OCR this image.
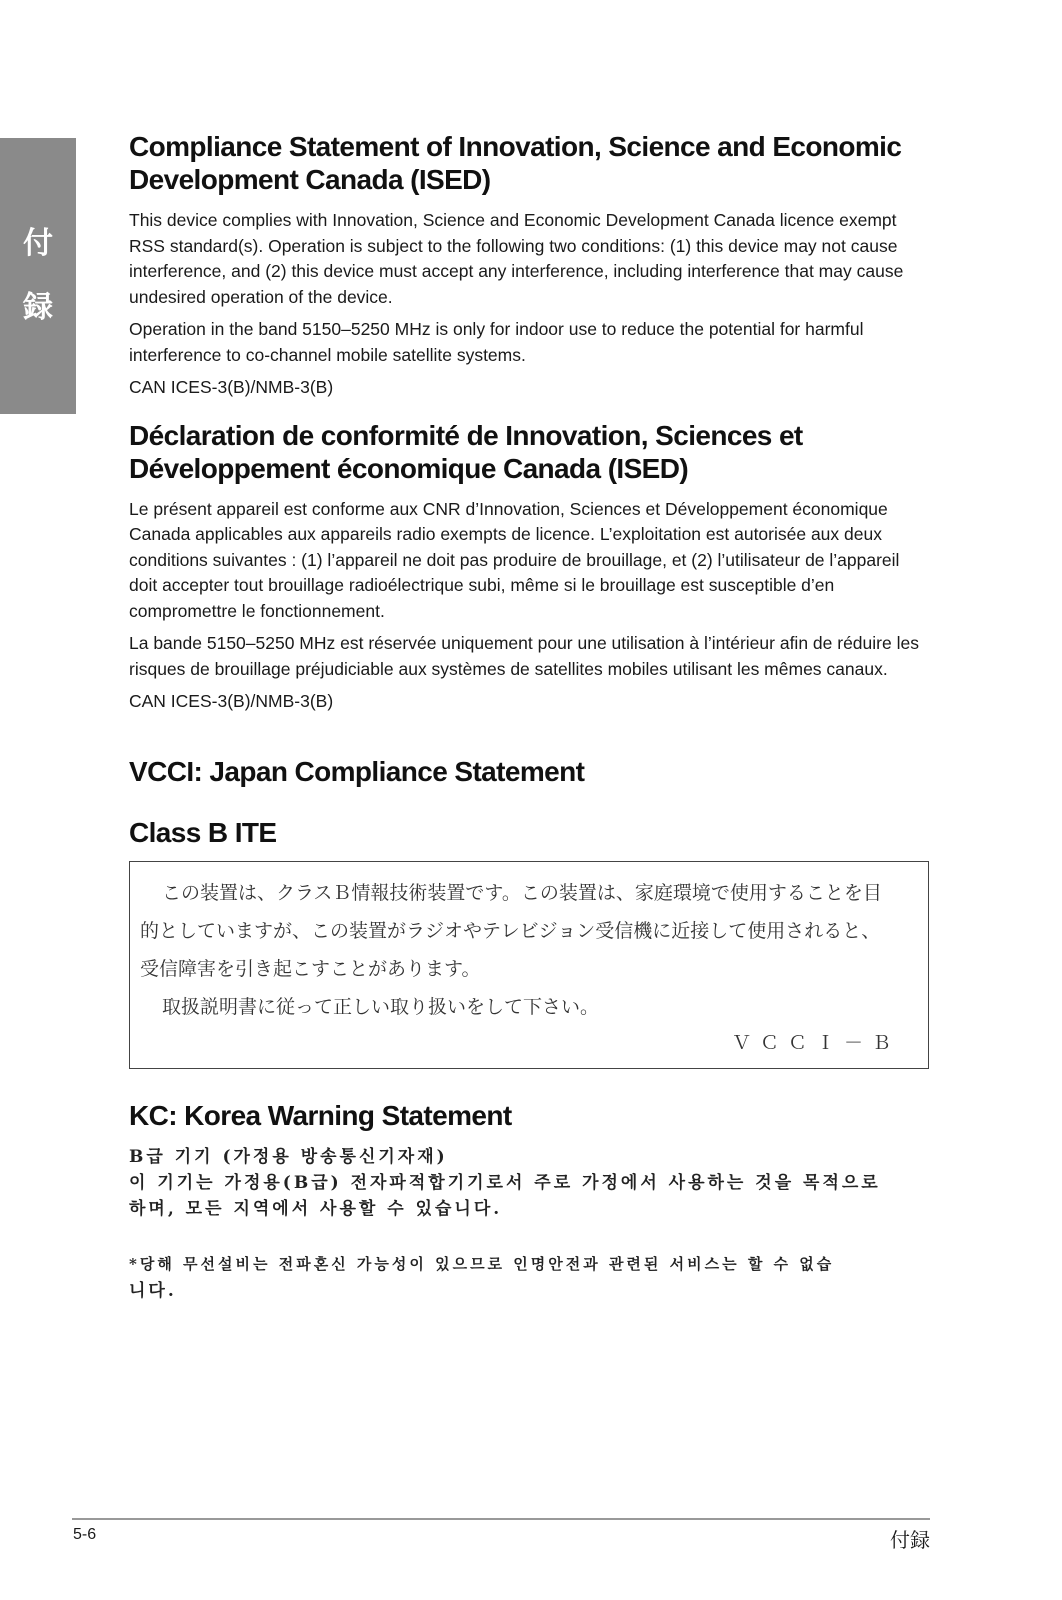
付
録
Compliance Statement of Innovation, Science and Economic Development Canada (ISED)

This device complies with Innovation, Science and Economic Development Canada licence exempt RSS standard(s). Operation is subject to the following two conditions: (1) this device may not cause interference, and (2) this device must accept any interference, including interference that may cause undesired operation of the device.

Operation in the band 5150–5250 MHz is only for indoor use to reduce the potential for harmful interference to co-channel mobile satellite systems.

CAN ICES-3(B)/NMB-3(B)

Déclaration de conformité de Innovation, Sciences et Développement économique Canada (ISED)

Le présent appareil est conforme aux CNR d’Innovation, Sciences et Développement économique Canada applicables aux appareils radio exempts de licence. L’exploitation est autorisée aux deux conditions suivantes : (1) l’appareil ne doit pas produire de brouillage, et (2) l’utilisateur de l’appareil doit accepter tout brouillage radioélectrique subi, même si le brouillage est susceptible d’en compromettre le fonctionnement.

La bande 5150–5250 MHz est réservée uniquement pour une utilisation à l’intérieur afin de réduire les risques de brouillage préjudiciable aux systèmes de satellites mobiles utilisant les mêmes canaux.

CAN ICES-3(B)/NMB-3(B)

VCCI: Japan Compliance Statement
Class B ITE
この装置は、クラスＢ情報技術装置です。この装置は、家庭環境で使用することを目
的としていますが、この装置がラジオやテレビジョン受信機に近接して使用されると、
受信障害を引き起こすことがあります。
取扱説明書に従って正しい取り扱いをして下さい。
ＶＣＣＩ－Ｂ
KC: Korea Warning Statement
B급 기기 (가정용 방송통신기자재)
이 기기는 가정용(B급) 전자파적합기기로서 주로 가정에서 사용하는 것을 목적으로
하며, 모든 지역에서 사용할 수 있습니다.
*당해 무선설비는 전파혼신 가능성이 있으므로 인명안전과 관련된 서비스는 할 수 없습
니다.
5-6	付録
